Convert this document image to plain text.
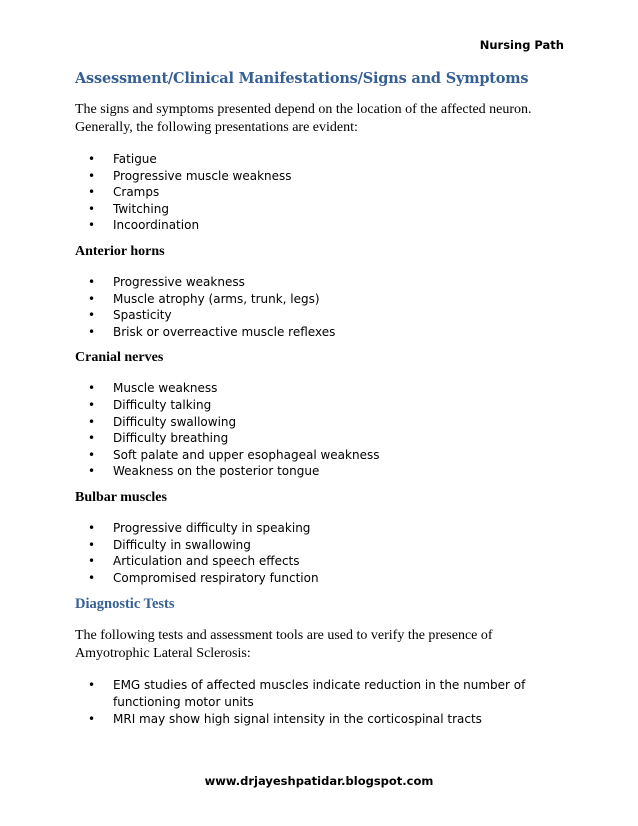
Nursing Path
Assessment/Clinical Manifestations/Signs and Symptoms

The signs and symptoms presented depend on the location of the affected neuron. Generally, the following presentations are evident:

• Fatigue
• Progressive muscle weakness
• Cramps
• Twitching
• Incoordination
Anterior horns
• Progressive weakness
• Muscle atrophy (arms, trunk, legs)
• Spasticity
• Brisk or overreactive muscle reflexes
Cranial nerves
• Muscle weakness
• Difficulty talking
• Difficulty swallowing
• Difficulty breathing
• Soft palate and upper esophageal weakness
• Weakness on the posterior tongue
Bulbar muscles
• Progressive difficulty in speaking
• Difficulty in swallowing
• Articulation and speech effects
• Compromised respiratory function
Diagnostic Tests

The following tests and assessment tools are used to verify the presence of Amyotrophic Lateral Sclerosis:

• EMG studies of affected muscles indicate reduction in the number of functioning motor units
• MRI may show high signal intensity in the corticospinal tracts
www.drjayeshpatidar.blogspot.com
